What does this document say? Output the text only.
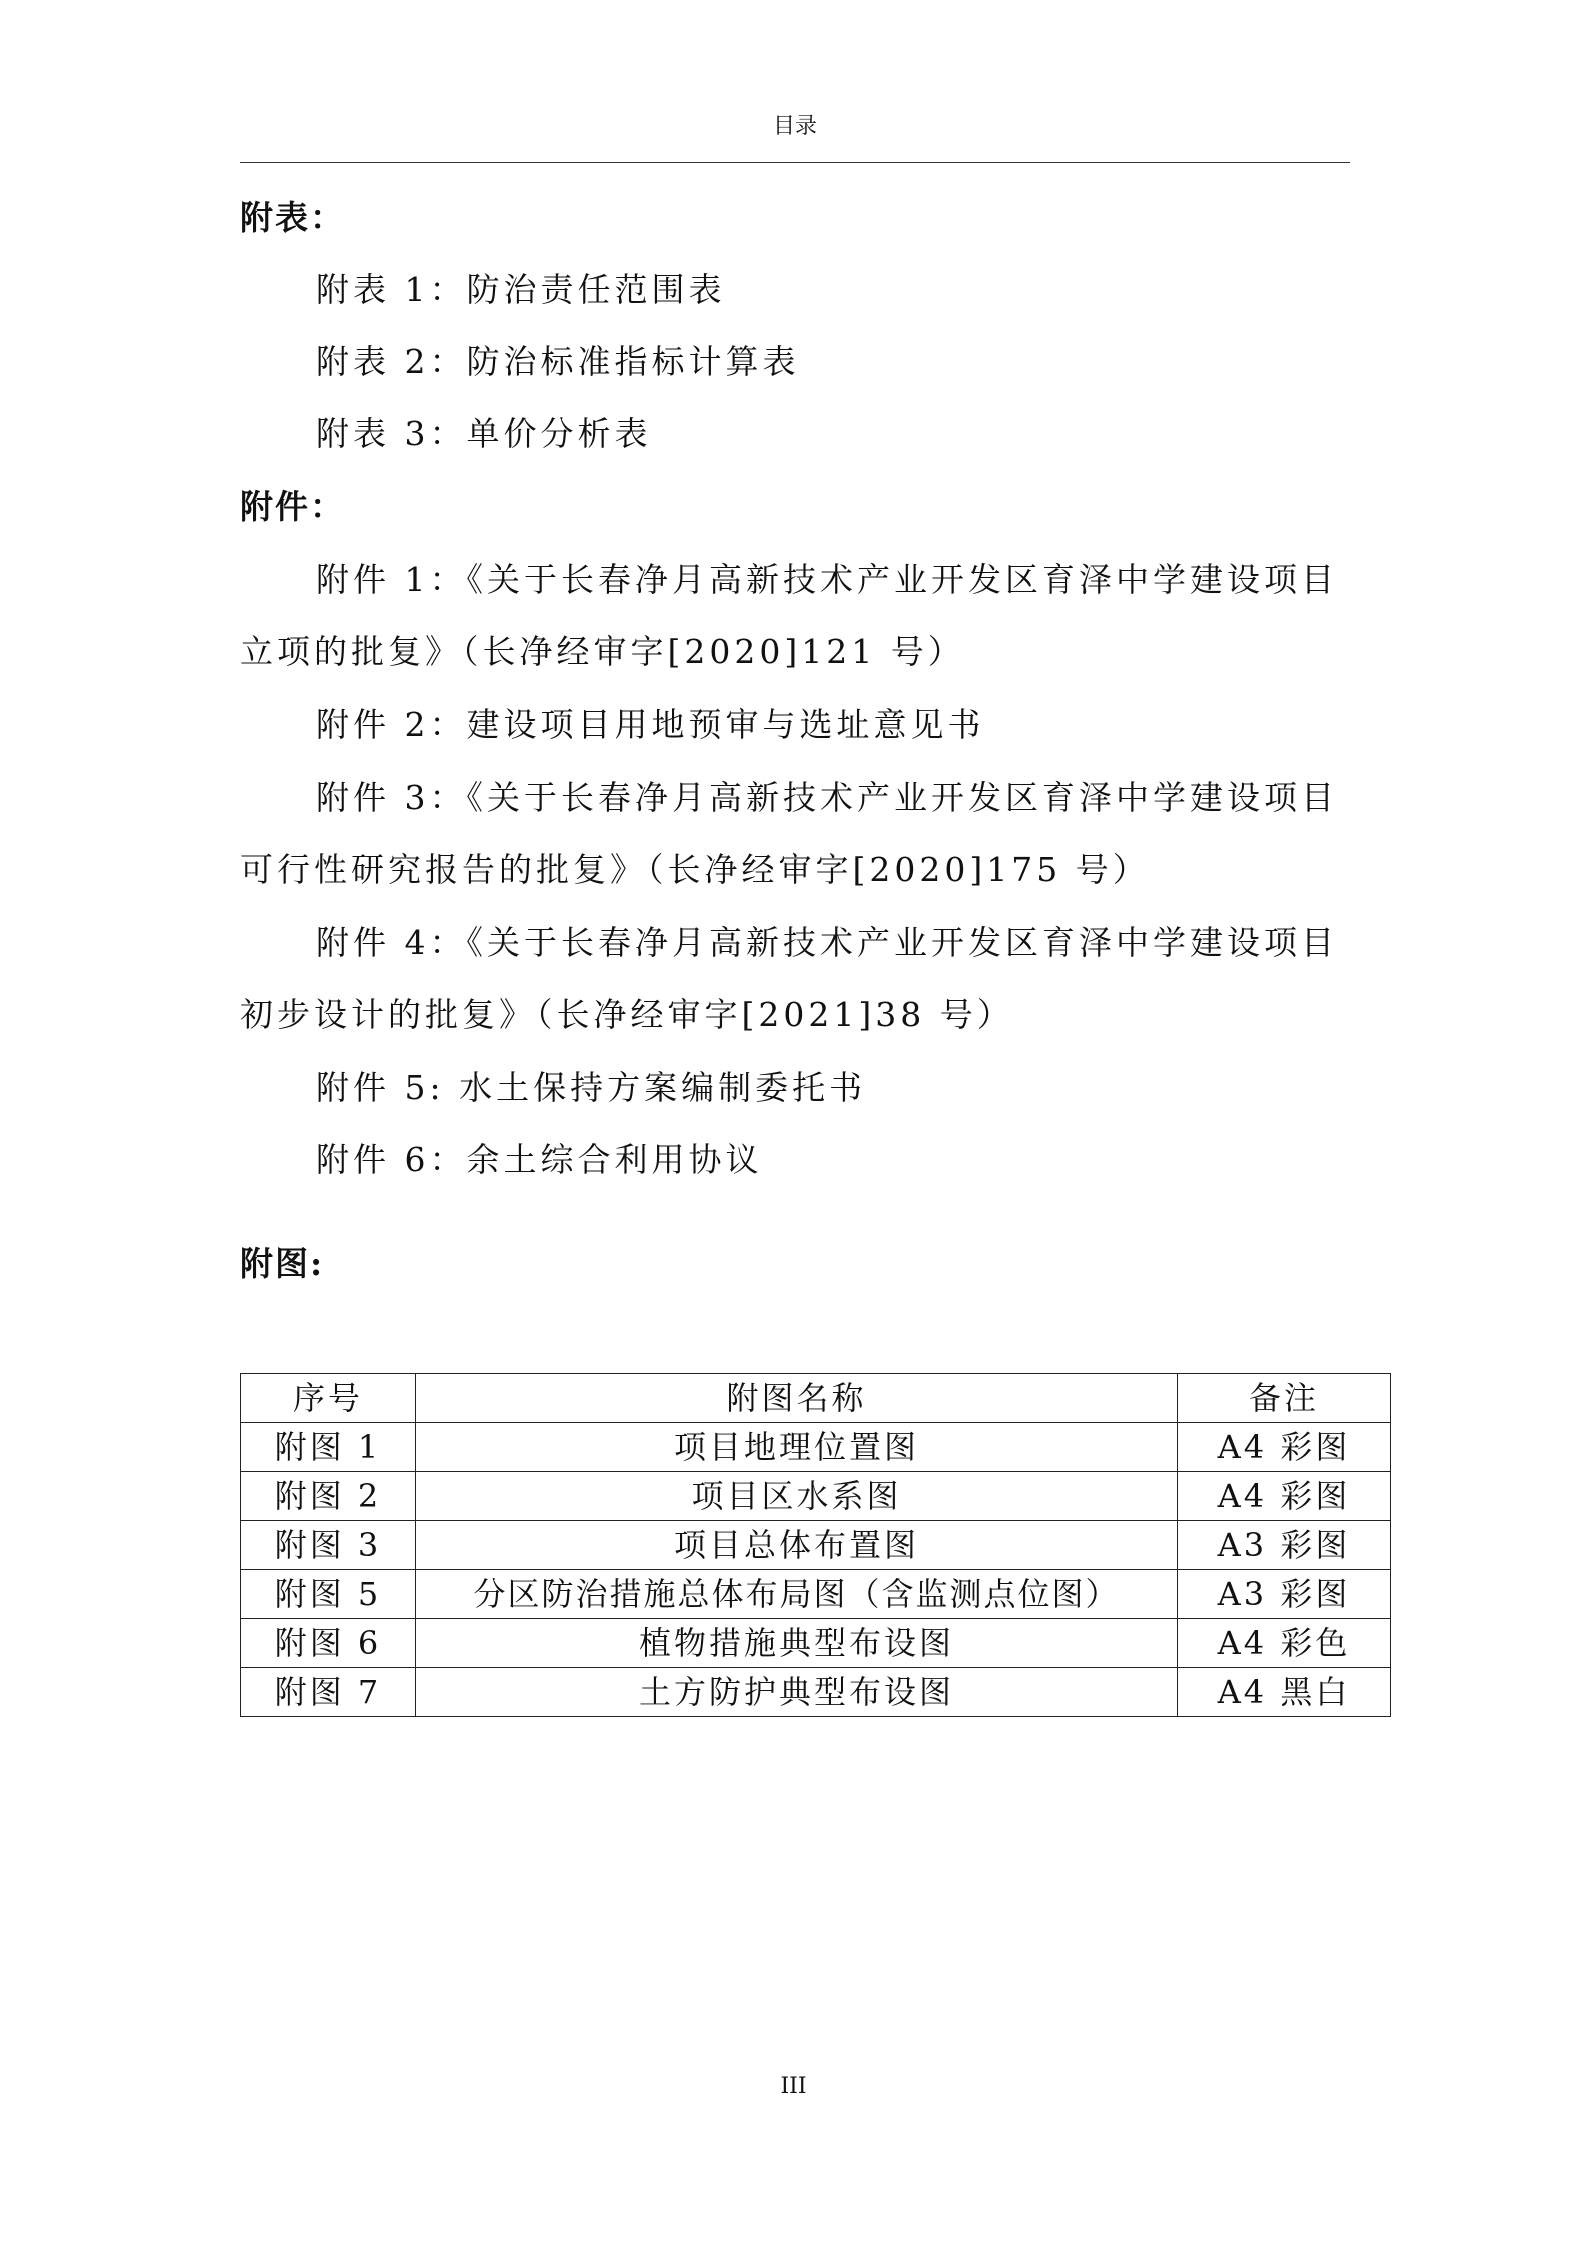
目录
附表：
附表 1：防治责任范围表
附表 2：防治标准指标计算表
附表 3：单价分析表
附件：
附件 1：《关于长春净月高新技术产业开发区育泽中学建设项目
立项的批复》（长净经审字[2020]121 号）
附件 2：建设项目用地预审与选址意见书
附件 3：《关于长春净月高新技术产业开发区育泽中学建设项目
可行性研究报告的批复》（长净经审字[2020]175 号）
附件 4：《关于长春净月高新技术产业开发区育泽中学建设项目
初步设计的批复》（长净经审字[2021]38 号）
附件 5: 水土保持方案编制委托书
附件 6：余土综合利用协议
附图:
序号	附图名称	备注
附图 1	项目地理位置图	A4 彩图
附图 2	项目区水系图	A4 彩图
附图 3	项目总体布置图	A3 彩图
附图 5	分区防治措施总体布局图（含监测点位图）	A3 彩图
附图 6	植物措施典型布设图	A4 彩色
附图 7	土方防护典型布设图	A4 黑白
III
